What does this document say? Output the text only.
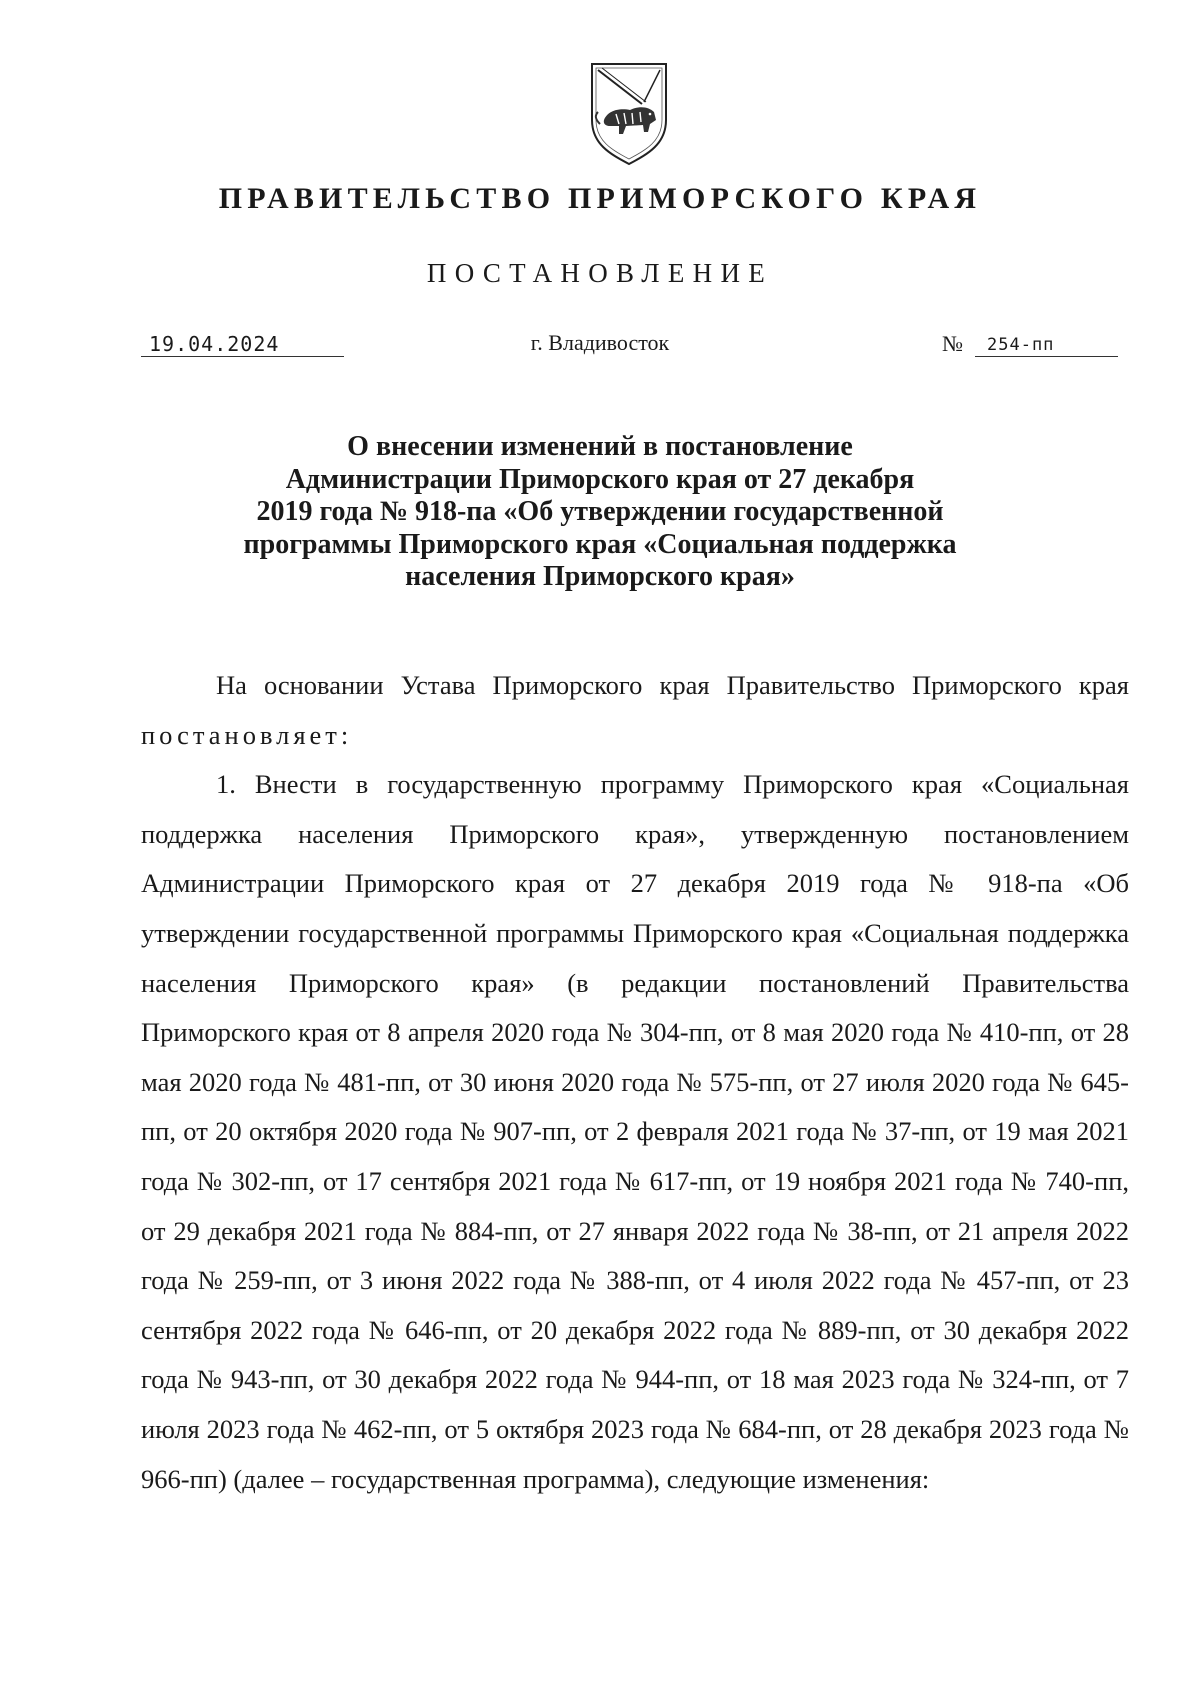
ПРАВИТЕЛЬСТВО ПРИМОРСКОГО КРАЯ
ПОСТАНОВЛЕНИЕ
19.04.2024	г. Владивосток	№	254-пп
О внесении изменений в постановление
Администрации Приморского края от 27 декабря
2019 года № 918-па «Об утверждении государственной
программы Приморского края «Социальная поддержка
населения Приморского края»

На основании Устава Приморского края Правительство Приморского края постановляет:

1. Внести в государственную программу Приморского края «Социальная поддержка населения Приморского края», утвержденную постановлением Администрации Приморского края от 27 декабря 2019 года № 918-па «Об утверждении государственной программы Приморского края «Социальная поддержка населения Приморского края» (в редакции постановлений Правительства Приморского края от 8 апреля 2020 года № 304-пп, от 8 мая 2020 года № 410-пп, от 28 мая 2020 года № 481-пп, от 30 июня 2020 года № 575-пп, от 27 июля 2020 года № 645-пп, от 20 октября 2020 года № 907-пп, от 2 февраля 2021 года № 37-пп, от 19 мая 2021 года № 302-пп, от 17 сентября 2021 года № 617-пп, от 19 ноября 2021 года № 740-пп, от 29 декабря 2021 года № 884-пп, от 27 января 2022 года № 38-пп, от 21 апреля 2022 года № 259-пп, от 3 июня 2022 года № 388-пп, от 4 июля 2022 года № 457-пп, от 23 сентября 2022 года № 646-пп, от 20 декабря 2022 года № 889-пп, от 30 декабря 2022 года № 943-пп, от 30 декабря 2022 года № 944-пп, от 18 мая 2023 года № 324-пп, от 7 июля 2023 года № 462-пп, от 5 октября 2023 года № 684-пп, от 28 декабря 2023 года № 966-пп) (далее – государственная программа), следующие изменения:
